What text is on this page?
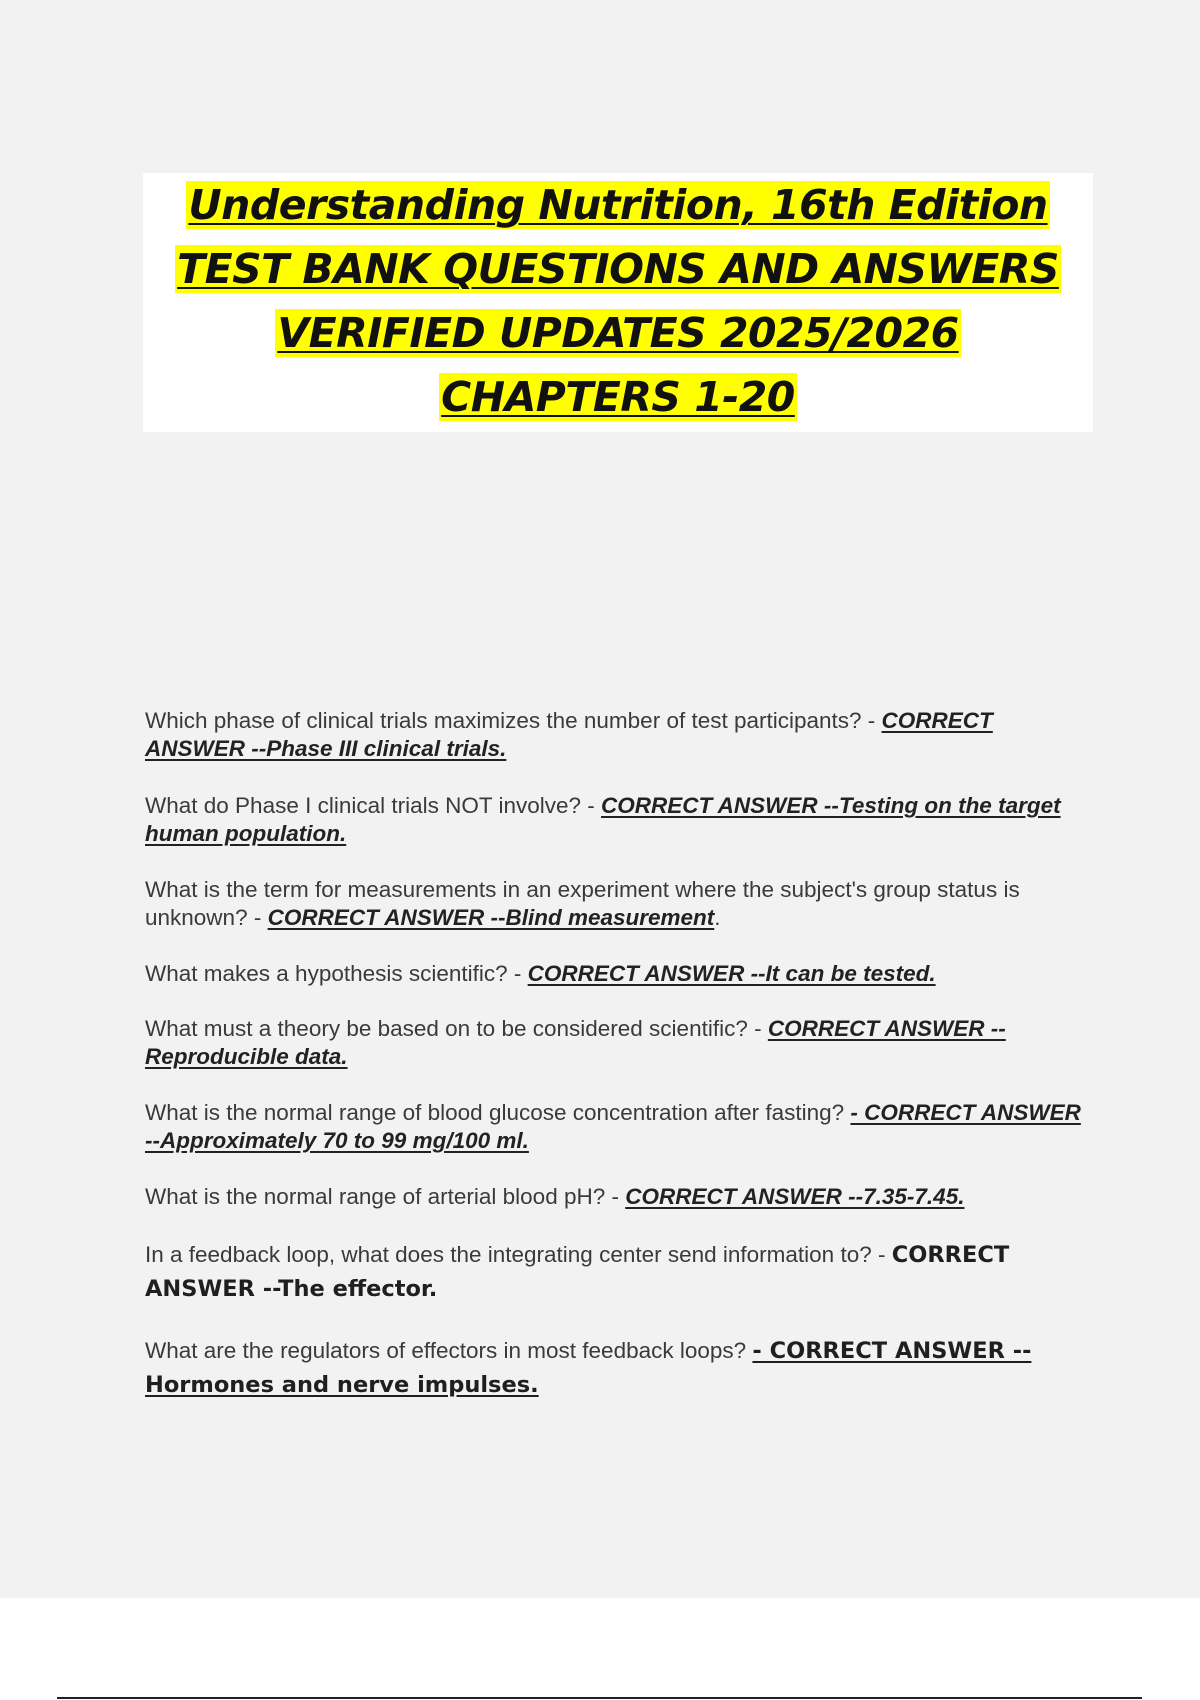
Understanding Nutrition, 16th Edition
TEST BANK QUESTIONS AND ANSWERS
VERIFIED UPDATES 2025/2026
CHAPTERS 1-20

Which phase of clinical trials maximizes the number of test participants? - CORRECT ANSWER --Phase III clinical trials.

What do Phase I clinical trials NOT involve? - CORRECT ANSWER --Testing on the target human population.

What is the term for measurements in an experiment where the subject's group status is unknown? - CORRECT ANSWER --Blind measurement.

What makes a hypothesis scientific? - CORRECT ANSWER --It can be tested.

What must a theory be based on to be considered scientific? - CORRECT ANSWER --Reproducible data.

What is the normal range of blood glucose concentration after fasting? - CORRECT ANSWER --Approximately 70 to 99 mg/100 ml.

What is the normal range of arterial blood pH? - CORRECT ANSWER --7.35-7.45.

In a feedback loop, what does the integrating center send information to? - CORRECT ANSWER --The effector.

What are the regulators of effectors in most feedback loops? - CORRECT ANSWER --Hormones and nerve impulses.
